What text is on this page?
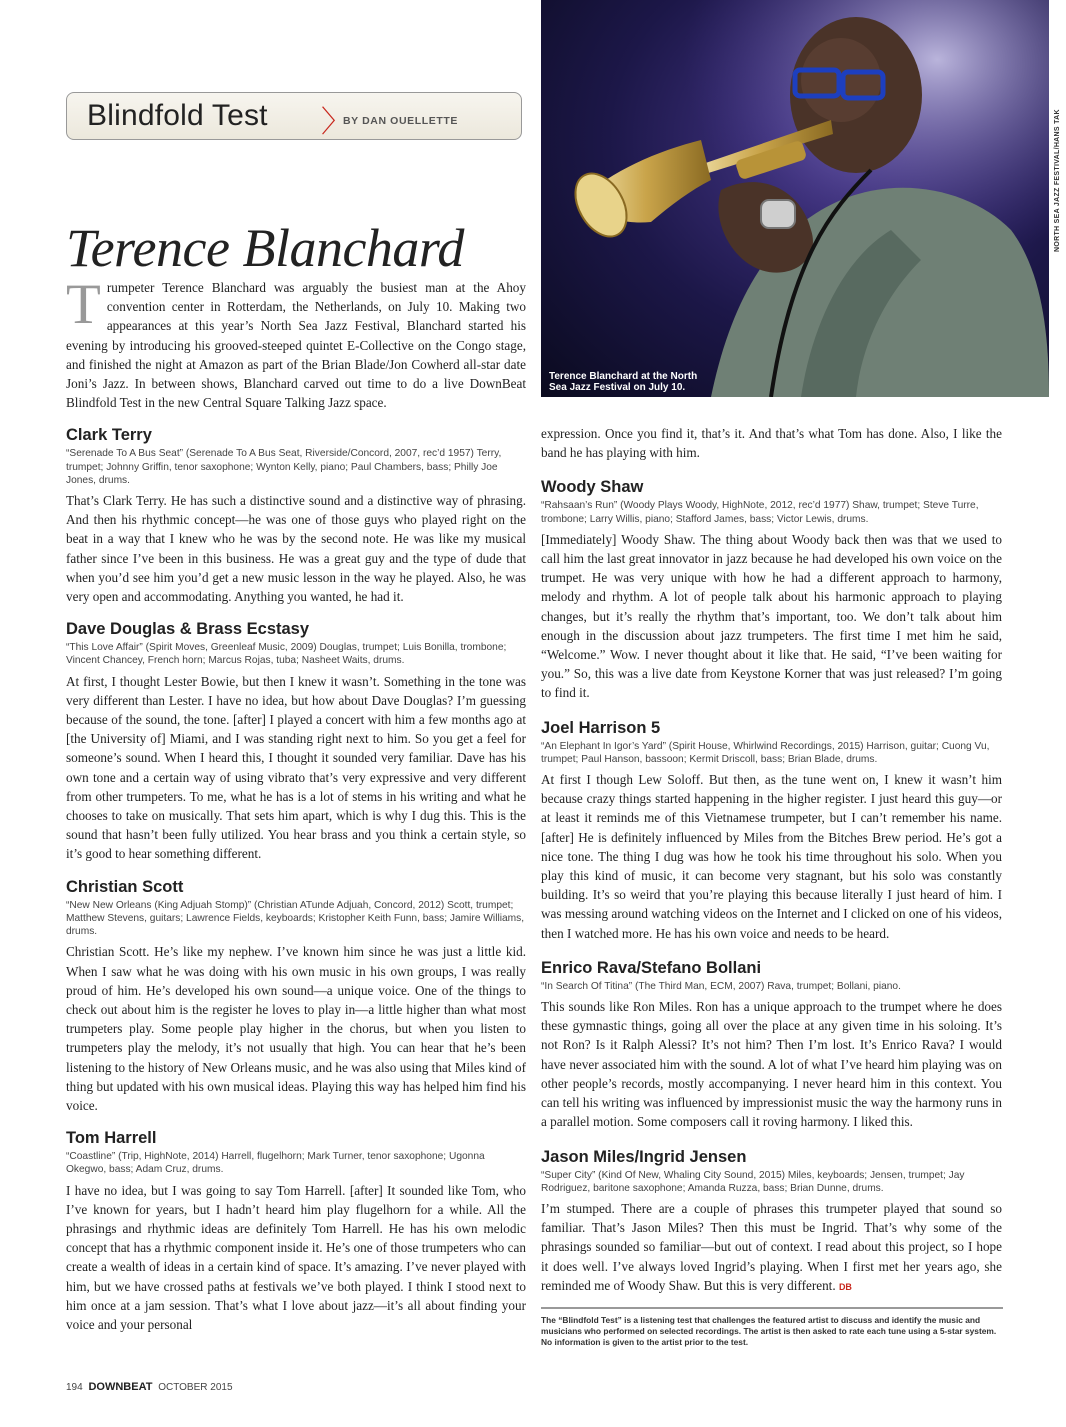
Blindfold Test 〉
BY DAN OUELLETTE
Terence Blanchard at the North Sea Jazz Festival on July 10.
NORTH SEA JAZZ FESTIVAL/HANS TAK
Terence Blanchard

Trumpeter Terence Blanchard was arguably the busiest man at the Ahoy convention center in Rotterdam, the Netherlands, on July 10. Making two appearances at this year’s North Sea Jazz Festival, Blanchard started his evening by introducing his grooved-steeped quintet E-Collective on the Congo stage, and finished the night at Amazon as part of the Brian Blade/Jon Cowherd all-star date Joni’s Jazz. In between shows, Blanchard carved out time to do a live DownBeat Blindfold Test in the new Central Square Talking Jazz space.

Clark Terry
“Serenade To A Bus Seat” (Serenade To A Bus Seat, Riverside/Concord, 2007, rec’d 1957) Terry, trumpet; Johnny Griffin, tenor saxophone; Wynton Kelly, piano; Paul Chambers, bass; Philly Joe Jones, drums.

That’s Clark Terry. He has such a distinctive sound and a distinctive way of phrasing. And then his rhythmic concept—he was one of those guys who played right on the beat in a way that I knew who he was by the second note. He was like my musical father since I’ve been in this business. He was a great guy and the type of dude that when you’d see him you’d get a new music lesson in the way he played. Also, he was very open and accommodating. Anything you wanted, he had it.

Dave Douglas & Brass Ecstasy
“This Love Affair” (Spirit Moves, Greenleaf Music, 2009) Douglas, trumpet; Luis Bonilla, trombone; Vincent Chancey, French horn; Marcus Rojas, tuba; Nasheet Waits, drums.

At first, I thought Lester Bowie, but then I knew it wasn’t. Something in the tone was very different than Lester. I have no idea, but how about Dave Douglas? I’m guessing because of the sound, the tone. [after] I played a concert with him a few months ago at [the University of] Miami, and I was standing right next to him. So you get a feel for someone’s sound. When I heard this, I thought it sounded very familiar. Dave has his own tone and a certain way of using vibrato that’s very expressive and very different from other trumpeters. To me, what he has is a lot of stems in his writing and what he chooses to take on musically. That sets him apart, which is why I dug this. This is the sound that hasn’t been fully utilized. You hear brass and you think a certain style, so it’s good to hear something different.

Christian Scott
“New New Orleans (King Adjuah Stomp)” (Christian ATunde Adjuah, Concord, 2012) Scott, trumpet; Matthew Stevens, guitars; Lawrence Fields, keyboards; Kristopher Keith Funn, bass; Jamire Williams, drums.

Christian Scott. He’s like my nephew. I’ve known him since he was just a little kid. When I saw what he was doing with his own music in his own groups, I was really proud of him. He’s developed his own sound—a unique voice. One of the things to check out about him is the register he loves to play in—a little higher than what most trumpeters play. Some people play higher in the chorus, but when you listen to trumpeters play the melody, it’s not usually that high. You can hear that he’s been listening to the history of New Orleans music, and he was also using that Miles kind of thing but updated with his own musical ideas. Playing this way has helped him find his voice.

Tom Harrell
“Coastline” (Trip, HighNote, 2014) Harrell, flugelhorn; Mark Turner, tenor saxophone; Ugonna Okegwo, bass; Adam Cruz, drums.

I have no idea, but I was going to say Tom Harrell. [after] It sounded like Tom, who I’ve known for years, but I hadn’t heard him play flugelhorn for a while. All the phrasings and rhythmic ideas are definitely Tom Harrell. He has his own melodic concept that has a rhythmic component inside it. He’s one of those trumpeters who can create a wealth of ideas in a certain kind of space. It’s amazing. I’ve never played with him, but we have crossed paths at festivals we’ve both played. I think I stood next to him once at a jam session. That’s what I love about jazz—it’s all about finding your voice and your personal

expression. Once you find it, that’s it. And that’s what Tom has done. Also, I like the band he has playing with him.

Woody Shaw
“Rahsaan’s Run” (Woody Plays Woody, HighNote, 2012, rec’d 1977) Shaw, trumpet; Steve Turre, trombone; Larry Willis, piano; Stafford James, bass; Victor Lewis, drums.

[Immediately] Woody Shaw. The thing about Woody back then was that we used to call him the last great innovator in jazz because he had developed his own voice on the trumpet. He was very unique with how he had a different approach to harmony, melody and rhythm. A lot of people talk about his harmonic approach to playing changes, but it’s really the rhythm that’s important, too. We don’t talk about him enough in the discussion about jazz trumpeters. The first time I met him he said, “Welcome.” Wow. I never thought about it like that. He said, “I’ve been waiting for you.” So, this was a live date from Keystone Korner that was just released? I’m going to find it.

Joel Harrison 5
“An Elephant In Igor’s Yard” (Spirit House, Whirlwind Recordings, 2015) Harrison, guitar; Cuong Vu, trumpet; Paul Hanson, bassoon; Kermit Driscoll, bass; Brian Blade, drums.

At first I though Lew Soloff. But then, as the tune went on, I knew it wasn’t him because crazy things started happening in the higher register. I just heard this guy—or at least it reminds me of this Vietnamese trumpeter, but I can’t remember his name. [after] He is definitely influenced by Miles from the Bitches Brew period. He’s got a nice tone. The thing I dug was how he took his time throughout his solo. When you play this kind of music, it can become very stagnant, but his solo was constantly building. It’s so weird that you’re playing this because literally I just heard of him. I was messing around watching videos on the Internet and I clicked on one of his videos, then I watched more. He has his own voice and needs to be heard.

Enrico Rava/Stefano Bollani
“In Search Of Titina” (The Third Man, ECM, 2007) Rava, trumpet; Bollani, piano.

This sounds like Ron Miles. Ron has a unique approach to the trumpet where he does these gymnastic things, going all over the place at any given time in his soloing. It’s not Ron? Is it Ralph Alessi? It’s not him? Then I’m lost. It’s Enrico Rava? I would have never associated him with the sound. A lot of what I’ve heard him playing was on other people’s records, mostly accompanying. I never heard him in this context. You can tell his writing was influenced by impressionist music the way the harmony runs in a parallel motion. Some composers call it roving harmony. I liked this.

Jason Miles/Ingrid Jensen
“Super City” (Kind Of New, Whaling City Sound, 2015) Miles, keyboards; Jensen, trumpet; Jay Rodriguez, baritone saxophone; Amanda Ruzza, bass; Brian Dunne, drums.

I’m stumped. There are a couple of phrases this trumpeter played that sound so familiar. That’s Jason Miles? Then this must be Ingrid. That’s why some of the phrasings sounded so familiar—but out of context. I read about this project, so I hope it does well. I’ve always loved Ingrid’s playing. When I first met her years ago, she reminded me of Woody Shaw. But this is very different. DB

The “Blindfold Test” is a listening test that challenges the featured artist to discuss and identify the music and musicians who performed on selected recordings. The artist is then asked to rate each tune using a 5-star system. No information is given to the artist prior to the test.
194 DOWNBEAT OCTOBER 2015
